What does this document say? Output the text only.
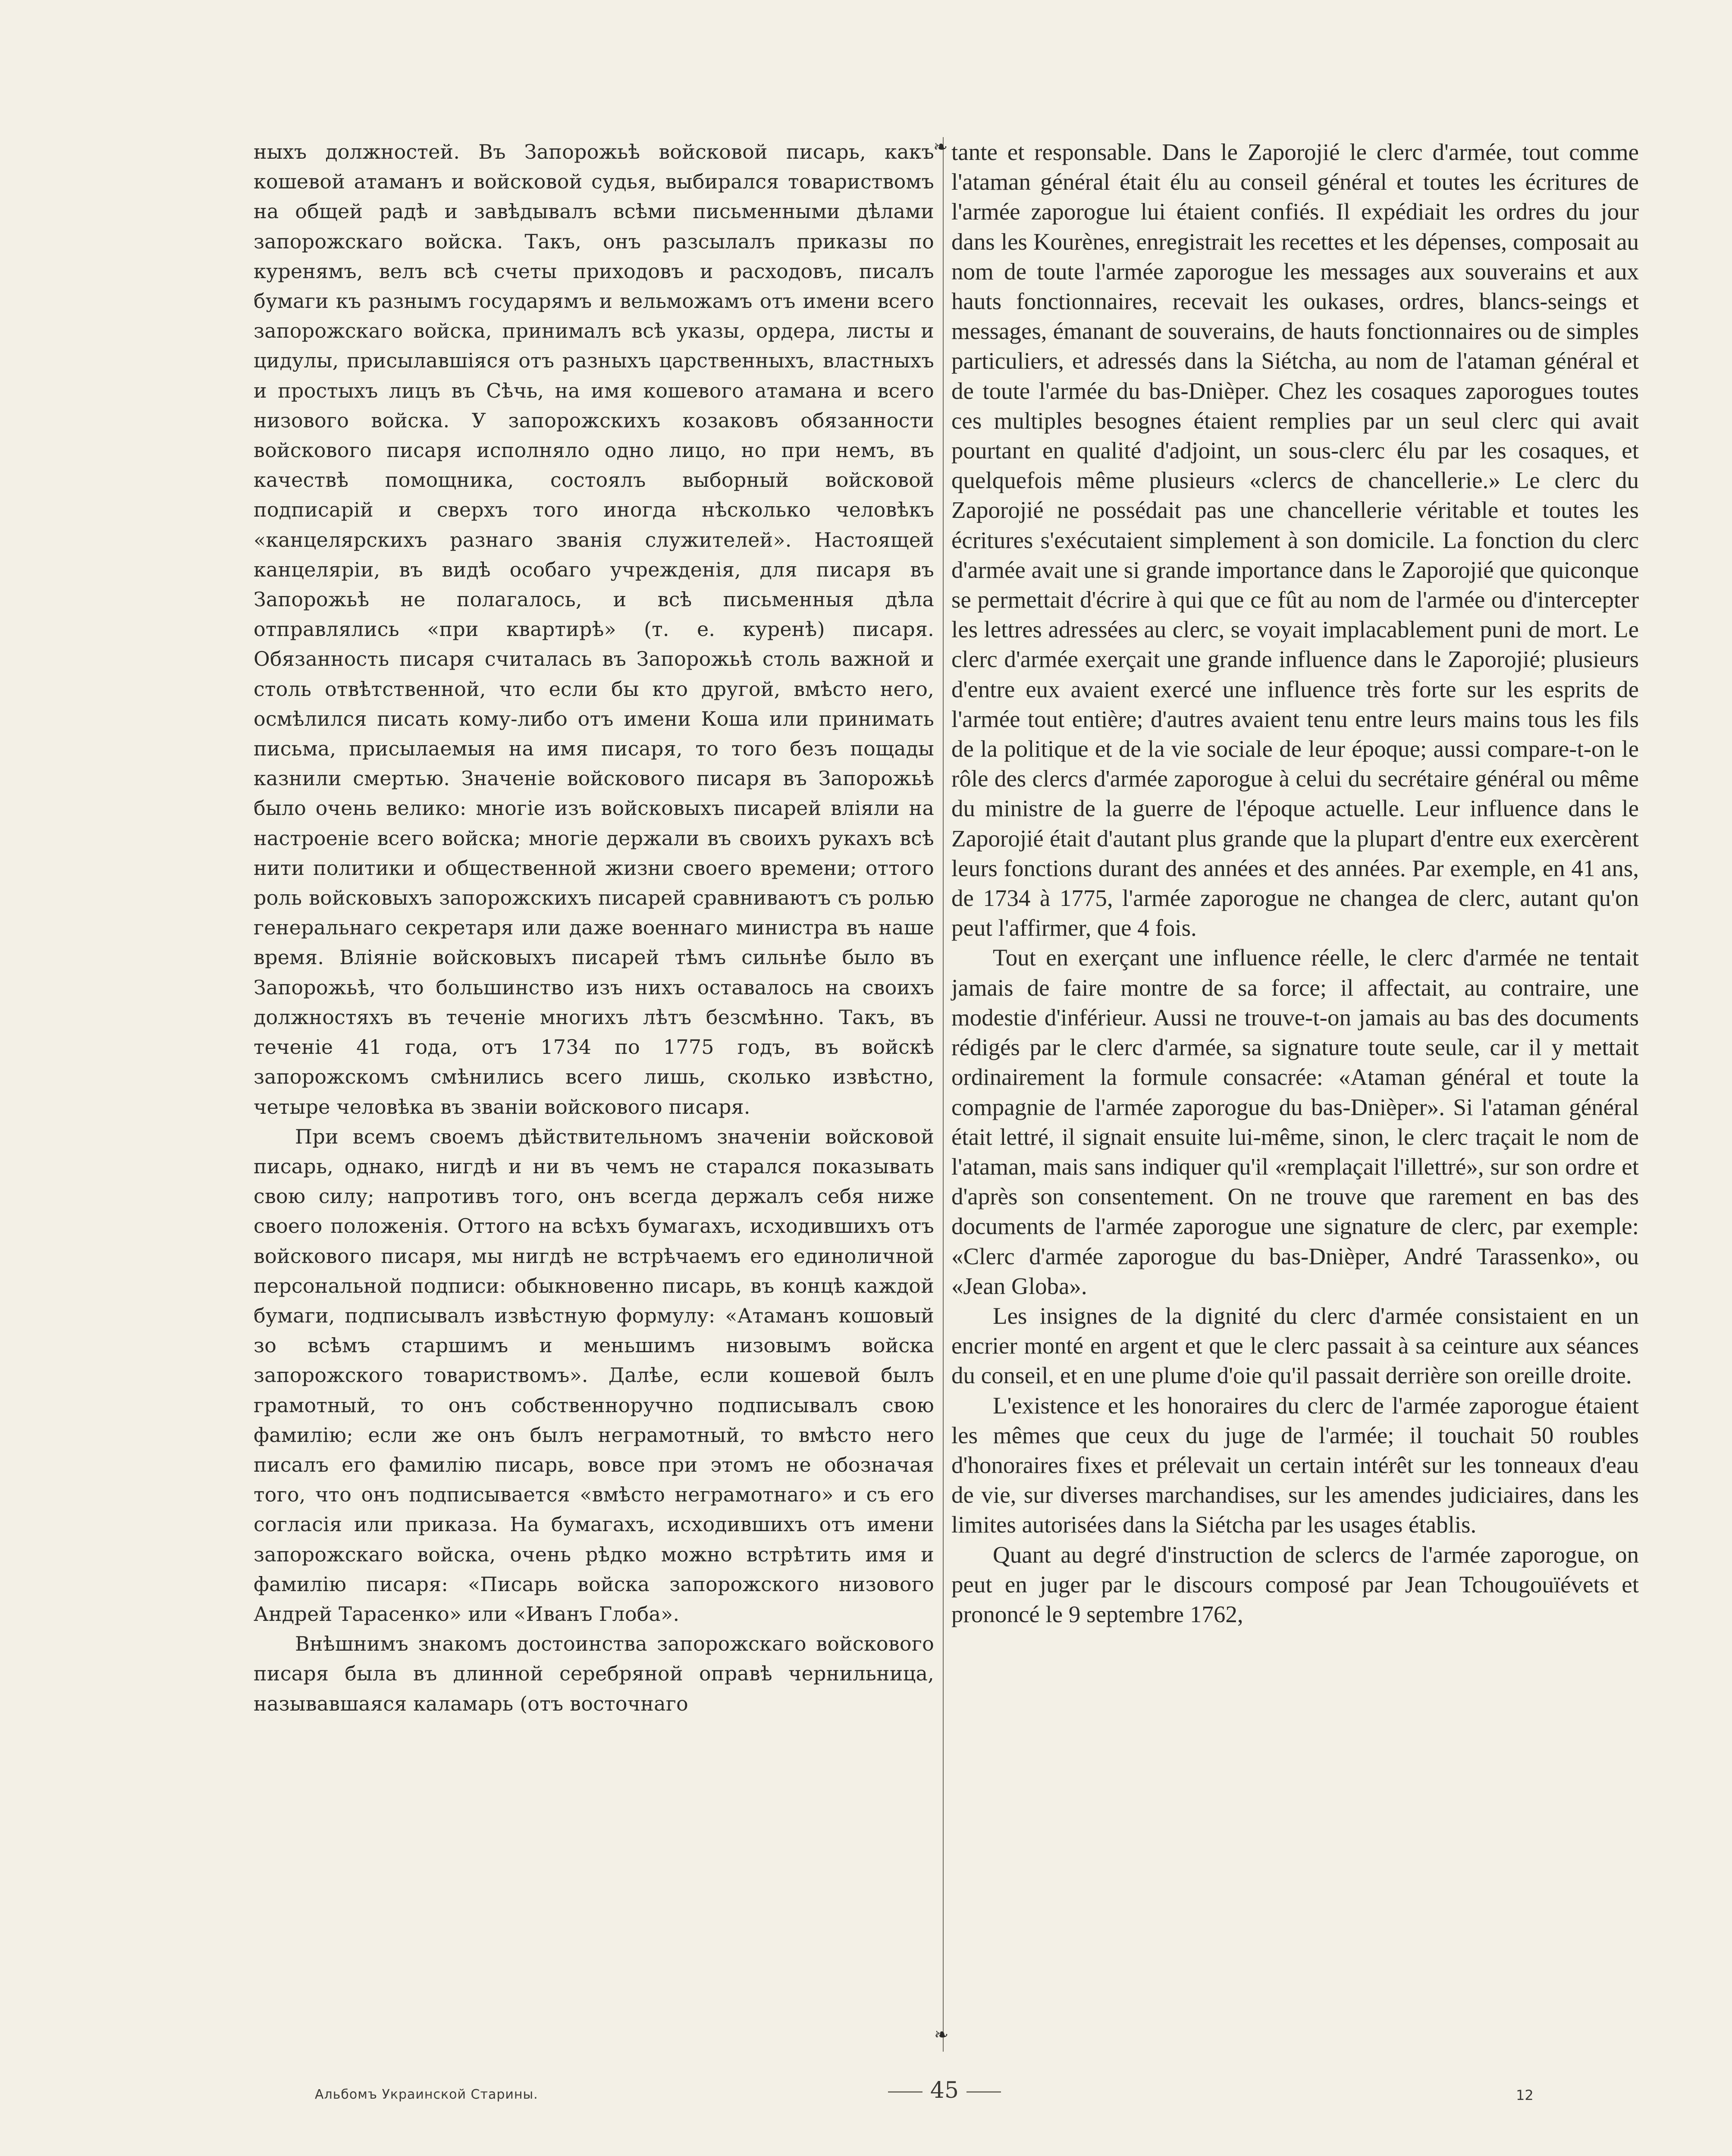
ныхъ должностей. Въ Запорожьѣ войсковой писарь, какъ кошевой атаманъ и войсковой судья, выбирался товариствомъ на общей радѣ и завѣдывалъ всѣми письменными дѣлами запорожскаго войска. Такъ, онъ разсылалъ приказы по куренямъ, велъ всѣ счеты приходовъ и расходовъ, писалъ бумаги къ разнымъ государямъ и вельможамъ отъ имени всего запорожскаго войска, принималъ всѣ указы, ордера, листы и цидулы, присылавшiяся отъ разныхъ царственныхъ, властныхъ и простыхъ лицъ въ Сѣчь, на имя кошевого атамана и всего низового войска. У запорожскихъ козаковъ обязанности войскового писаря исполняло одно лицо, но при немъ, въ качествѣ помощника, состоялъ выборный войсковой подписарiй и сверхъ того иногда нѣсколько человѣкъ «канцелярскихъ разнаго званiя служителей». Настоящей канцелярiи, въ видѣ особаго учрежденiя, для писаря въ Запорожьѣ не полагалось, и всѣ письменныя дѣла отправлялись «при квартирѣ» (т. е. куренѣ) писаря. Обязанность писаря считалась въ Запорожьѣ столь важной и столь отвѣтственной, что если бы кто другой, вмѣсто него, осмѣлился писать кому-либо отъ имени Коша или принимать письма, присылаемыя на имя писаря, то того безъ пощады казнили смертью. Значенiе войскового писаря въ Запорожьѣ было очень велико: многiе изъ войсковыхъ писарей влiяли на настроенiе всего войска; многiе держали въ своихъ рукахъ всѣ нити политики и общественной жизни своего времени; оттого роль войсковыхъ запорожскихъ писарей сравниваютъ съ ролью генеральнаго секретаря или даже военнаго министра въ наше время. Влiянiе войсковыхъ писарей тѣмъ сильнѣе было въ Запорожьѣ, что большинство изъ нихъ оставалось на своихъ должностяхъ въ теченiе многихъ лѣтъ безсмѣнно. Такъ, въ теченiе 41 года, отъ 1734 по 1775 годъ, въ войскѣ запорожскомъ смѣнились всего лишь, сколько извѣстно, четыре человѣка въ званiи войскового писаря.

При всемъ своемъ дѣйствительномъ значенiи войсковой писарь, однако, нигдѣ и ни въ чемъ не старался показывать свою силу; напротивъ того, онъ всегда держалъ себя ниже своего положенiя. Оттого на всѣхъ бумагахъ, исходившихъ отъ войскового писаря, мы нигдѣ не встрѣчаемъ его единоличной персональной подписи: обыкновенно писарь, въ концѣ каждой бумаги, подписывалъ извѣстную формулу: «Атаманъ кошовый зо всѣмъ старшимъ и меньшимъ низовымъ войска запорожского товариствомъ». Далѣе, если кошевой былъ грамотный, то онъ собственноручно подписывалъ свою фамилiю; если же онъ былъ неграмотный, то вмѣсто него писалъ его фамилiю писарь, вовсе при этомъ не обозначая того, что онъ подписывается «вмѣсто неграмотнаго» и съ его согласiя или приказа. На бумагахъ, исходившихъ отъ имени запорожскаго войска, очень рѣдко можно встрѣтить имя и фамилiю писаря: «Писарь войска запорожского низового Андрей Тарасенко» или «Иванъ Глоба».

Внѣшнимъ знакомъ достоинства запорожскаго войскового писаря была въ длинной серебряной оправѣ чернильница, называвшаяся каламарь (отъ восточнаго

❧
❧

tante et responsable. Dans le Zaporojié le clerc d'armée, tout comme l'ataman général était élu au conseil général et toutes les écritures de l'armée zaporogue lui étaient confiés. Il expédiait les ordres du jour dans les Kourènes, enregistrait les recettes et les dépenses, composait au nom de toute l'armée zaporogue les messages aux souverains et aux hauts fonctionnaires, recevait les oukases, ordres, blancs-seings et messages, émanant de souverains, de hauts fonctionnaires ou de simples particuliers, et adressés dans la Siétcha, au nom de l'ataman général et de toute l'armée du bas-Dnièper. Chez les cosaques zaporogues toutes ces multiples besognes étaient remplies par un seul clerc qui avait pourtant en qualité d'adjoint, un sous-clerc élu par les cosaques, et quelquefois même plusieurs «clercs de chancellerie.» Le clerc du Zaporojié ne possédait pas une chancellerie véritable et toutes les écritures s'exécutaient simplement à son domicile. La fonction du clerc d'armée avait une si grande importance dans le Zaporojié que quiconque se permettait d'écrire à qui que ce fût au nom de l'armée ou d'intercepter les lettres adressées au clerc, se voyait implacablement puni de mort. Le clerc d'armée exerçait une grande influence dans le Zaporojié; plusieurs d'entre eux avaient exercé une influence très forte sur les esprits de l'armée tout entière; d'autres avaient tenu entre leurs mains tous les fils de la politique et de la vie sociale de leur époque; aussi compare-t-on le rôle des clercs d'armée zaporogue à celui du secrétaire général ou même du ministre de la guerre de l'époque actuelle. Leur influence dans le Zaporojié était d'autant plus grande que la plupart d'entre eux exercèrent leurs fonctions durant des années et des années. Par exemple, en 41 ans, de 1734 à 1775, l'armée zaporogue ne changea de clerc, autant qu'on peut l'affirmer, que 4 fois.

Tout en exerçant une influence réelle, le clerc d'armée ne tentait jamais de faire montre de sa force; il affectait, au contraire, une modestie d'inférieur. Aussi ne trouve-t-on jamais au bas des documents rédigés par le clerc d'armée, sa signature toute seule, car il y mettait ordinairement la formule consacrée: «Ataman général et toute la compagnie de l'armée zaporogue du bas-Dnièper». Si l'ataman général était lettré, il signait ensuite lui-même, sinon, le clerc traçait le nom de l'ataman, mais sans indiquer qu'il «remplaçait l'illettré», sur son ordre et d'après son consentement. On ne trouve que rarement en bas des documents de l'armée zaporogue une signature de clerc, par exemple: «Clerc d'armée zaporogue du bas-Dnièper, André Tarassenko», ou «Jean Globa».

Les insignes de la dignité du clerc d'armée consistaient en un encrier monté en argent et que le clerc passait à sa ceinture aux séances du conseil, et en une plume d'oie qu'il passait derrière son oreille droite.

L'existence et les honoraires du clerc de l'armée zaporogue étaient les mêmes que ceux du juge de l'armée; il touchait 50 roubles d'honoraires fixes et prélevait un certain intérêt sur les tonneaux d'eau de vie, sur diverses marchandises, sur les amendes judiciaires, dans les limites autorisées dans la Siétcha par les usages établis.

Quant au degré d'instruction de sclercs de l'armée zaporogue, on peut en juger par le discours composé par Jean Tchougouïévets et prononcé le 9 septembre 1762,

Альбомъ Украинской Старины.	45	12
